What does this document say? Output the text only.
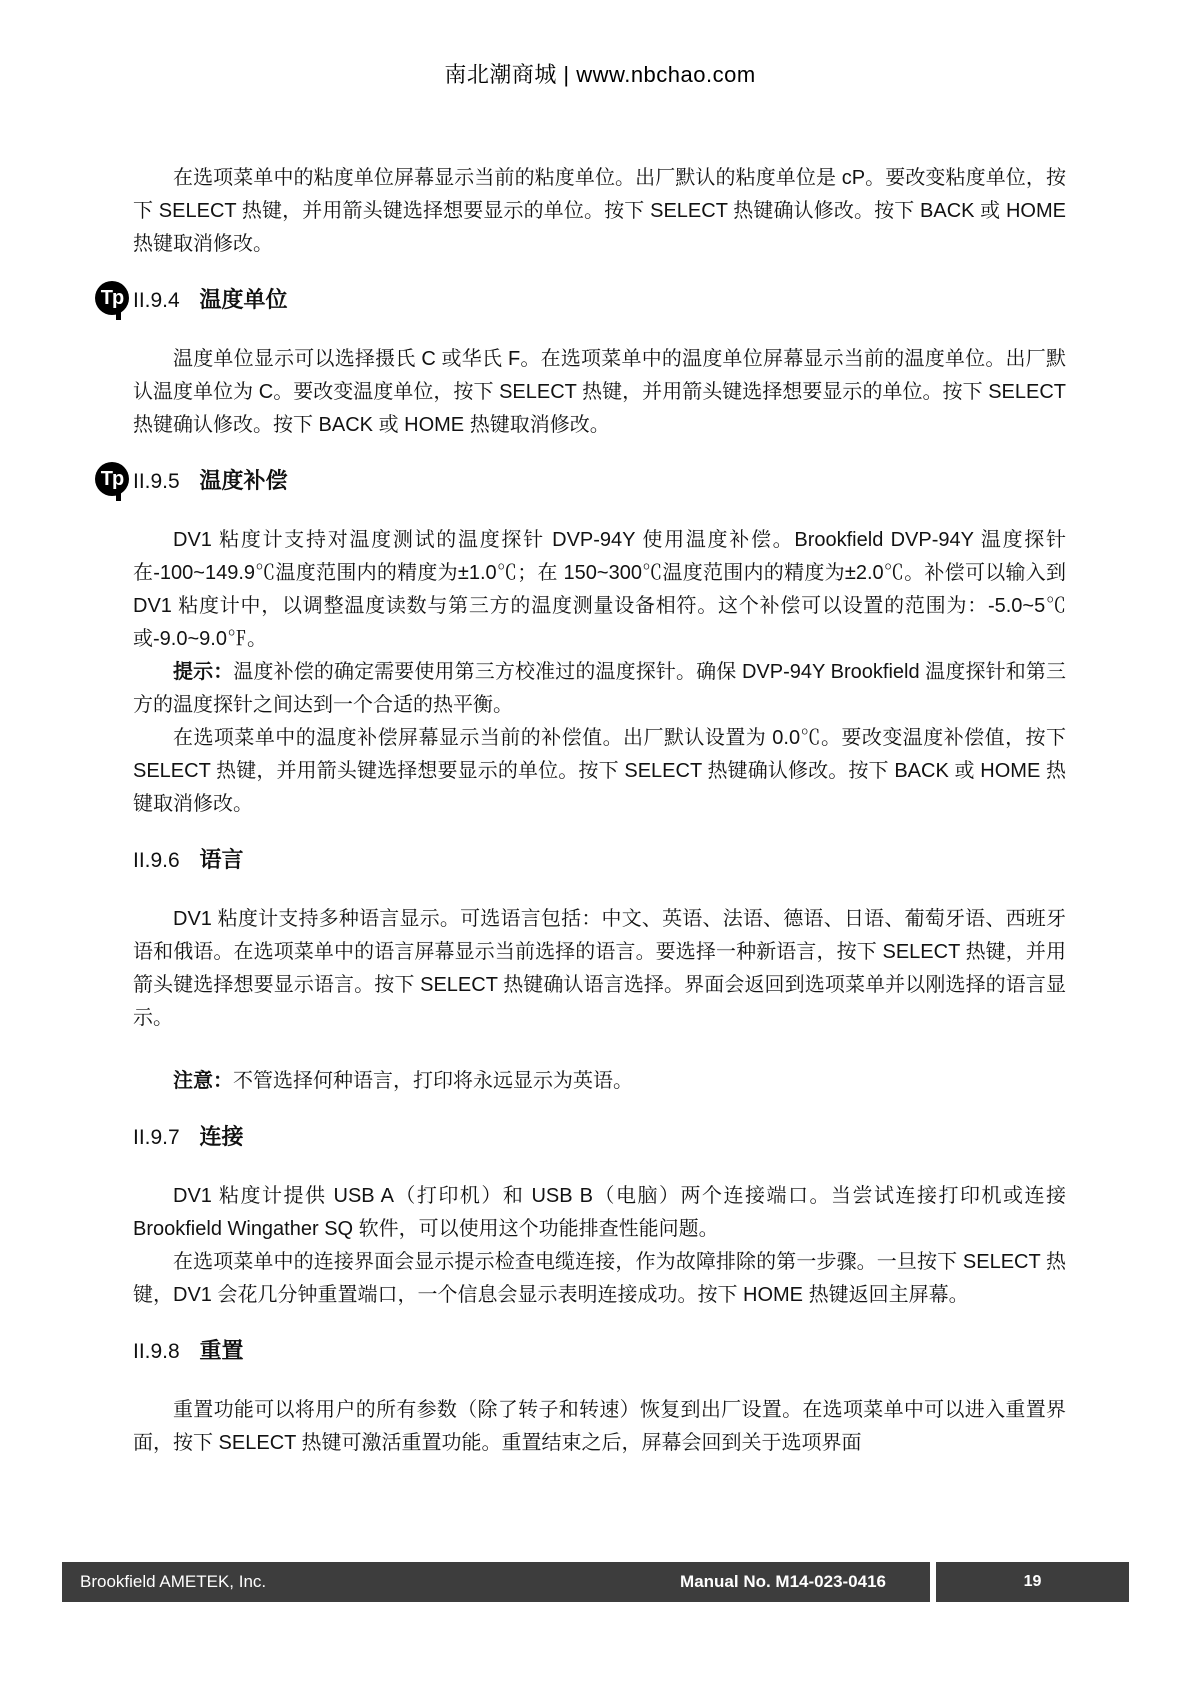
南北潮商城 | www.nbchao.com

在选项菜单中的粘度单位屏幕显示当前的粘度单位。出厂默认的粘度单位是 cP。要改变粘度单位，按下 SELECT 热键，并用箭头键选择想要显示的单位。按下 SELECT 热键确认修改。按下 BACK 或 HOME 热键取消修改。

Tp II.9.4 温度单位

温度单位显示可以选择摄氏 C 或华氏 F。在选项菜单中的温度单位屏幕显示当前的温度单位。出厂默认温度单位为 C。要改变温度单位，按下 SELECT 热键，并用箭头键选择想要显示的单位。按下 SELECT 热键确认修改。按下 BACK 或 HOME 热键取消修改。

Tp II.9.5 温度补偿

DV1 粘度计支持对温度测试的温度探针 DVP-94Y 使用温度补偿。Brookfield DVP-94Y 温度探针在-100~149.9℃温度范围内的精度为±1.0℃；在 150~300℃温度范围内的精度为±2.0℃。补偿可以输入到 DV1 粘度计中，以调整温度读数与第三方的温度测量设备相符。这个补偿可以设置的范围为：-5.0~5℃或-9.0~9.0℉。

提示：温度补偿的确定需要使用第三方校准过的温度探针。确保 DVP-94Y Brookfield 温度探针和第三方的温度探针之间达到一个合适的热平衡。

在选项菜单中的温度补偿屏幕显示当前的补偿值。出厂默认设置为 0.0℃。要改变温度补偿值，按下 SELECT 热键，并用箭头键选择想要显示的单位。按下 SELECT 热键确认修改。按下 BACK 或 HOME 热键取消修改。

II.9.6 语言

DV1 粘度计支持多种语言显示。可选语言包括：中文、英语、法语、德语、日语、葡萄牙语、西班牙语和俄语。在选项菜单中的语言屏幕显示当前选择的语言。要选择一种新语言，按下 SELECT 热键，并用箭头键选择想要显示语言。按下 SELECT 热键确认语言选择。界面会返回到选项菜单并以刚选择的语言显示。

注意：不管选择何种语言，打印将永远显示为英语。

II.9.7 连接

DV1 粘度计提供 USB A（打印机）和 USB B（电脑）两个连接端口。当尝试连接打印机或连接 Brookfield Wingather SQ 软件，可以使用这个功能排查性能问题。

在选项菜单中的连接界面会显示提示检查电缆连接，作为故障排除的第一步骤。一旦按下 SELECT 热键，DV1 会花几分钟重置端口，一个信息会显示表明连接成功。按下 HOME 热键返回主屏幕。

II.9.8 重置

重置功能可以将用户的所有参数（除了转子和转速）恢复到出厂设置。在选项菜单中可以进入重置界面，按下 SELECT 热键可激活重置功能。重置结束之后，屏幕会回到关于选项界面

Brookfield AMETEK, Inc.	Manual No. M14-023-0416	19
